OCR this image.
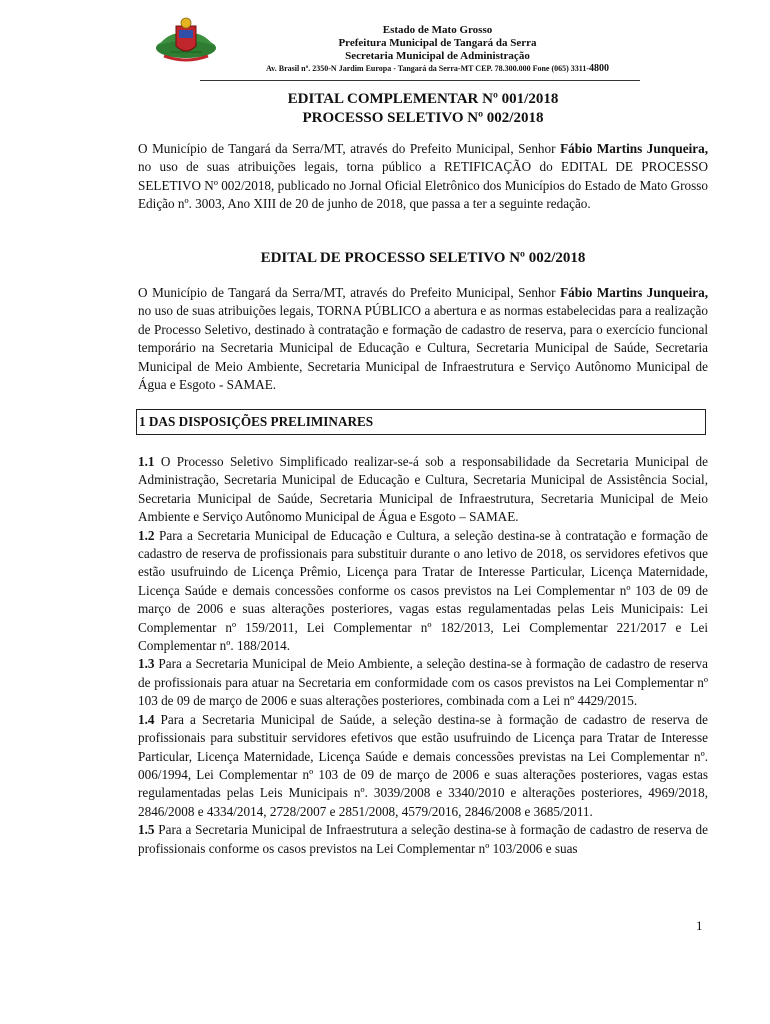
Estado de Mato Grosso
Prefeitura Municipal de Tangará da Serra
Secretaria Municipal de Administração
Av. Brasil nº. 2350-N Jardim Europa - Tangará da Serra-MT CEP. 78.300.000 Fone (065) 3311-4800
EDITAL COMPLEMENTAR Nº 001/2018
PROCESSO SELETIVO Nº 002/2018

O Município de Tangará da Serra/MT, através do Prefeito Municipal, Senhor Fábio Martins Junqueira, no uso de suas atribuições legais, torna público a RETIFICAÇÃO do EDITAL DE PROCESSO SELETIVO Nº 002/2018, publicado no Jornal Oficial Eletrônico dos Municípios do Estado de Mato Grosso Edição nº. 3003, Ano XIII de 20 de junho de 2018, que passa a ter a seguinte redação.

EDITAL DE PROCESSO SELETIVO Nº 002/2018

O Município de Tangará da Serra/MT, através do Prefeito Municipal, Senhor Fábio Martins Junqueira, no uso de suas atribuições legais, TORNA PÚBLICO a abertura e as normas estabelecidas para a realização de Processo Seletivo, destinado à contratação e formação de cadastro de reserva, para o exercício funcional temporário na Secretaria Municipal de Educação e Cultura, Secretaria Municipal de Saúde, Secretaria Municipal de Meio Ambiente, Secretaria Municipal de Infraestrutura e Serviço Autônomo Municipal de Água e Esgoto - SAMAE.

1 DAS DISPOSIÇÕES PRELIMINARES
1.1 O Processo Seletivo Simplificado realizar-se-á sob a responsabilidade da Secretaria Municipal de Administração, Secretaria Municipal de Educação e Cultura, Secretaria Municipal de Assistência Social, Secretaria Municipal de Saúde, Secretaria Municipal de Infraestrutura, Secretaria Municipal de Meio Ambiente e Serviço Autônomo Municipal de Água e Esgoto – SAMAE.
1.2 Para a Secretaria Municipal de Educação e Cultura, a seleção destina-se à contratação e formação de cadastro de reserva de profissionais para substituir durante o ano letivo de 2018, os servidores efetivos que estão usufruindo de Licença Prêmio, Licença para Tratar de Interesse Particular, Licença Maternidade, Licença Saúde e demais concessões conforme os casos previstos na Lei Complementar nº 103 de 09 de março de 2006 e suas alterações posteriores, vagas estas regulamentadas pelas Leis Municipais: Lei Complementar nº 159/2011, Lei Complementar nº 182/2013, Lei Complementar 221/2017 e Lei Complementar nº. 188/2014.
1.3 Para a Secretaria Municipal de Meio Ambiente, a seleção destina-se à formação de cadastro de reserva de profissionais para atuar na Secretaria em conformidade com os casos previstos na Lei Complementar nº 103 de 09 de março de 2006 e suas alterações posteriores, combinada com a Lei nº 4429/2015.
1.4 Para a Secretaria Municipal de Saúde, a seleção destina-se à formação de cadastro de reserva de profissionais para substituir servidores efetivos que estão usufruindo de Licença para Tratar de Interesse Particular, Licença Maternidade, Licença Saúde e demais concessões previstas na Lei Complementar nº. 006/1994, Lei Complementar nº 103 de 09 de março de 2006 e suas alterações posteriores, vagas estas regulamentadas pelas Leis Municipais nº. 3039/2008 e 3340/2010 e alterações posteriores, 4969/2018, 2846/2008 e 4334/2014, 2728/2007 e 2851/2008, 4579/2016, 2846/2008 e 3685/2011.
1.5 Para a Secretaria Municipal de Infraestrutura a seleção destina-se à formação de cadastro de reserva de profissionais conforme os casos previstos na Lei Complementar nº 103/2006 e suas
1
